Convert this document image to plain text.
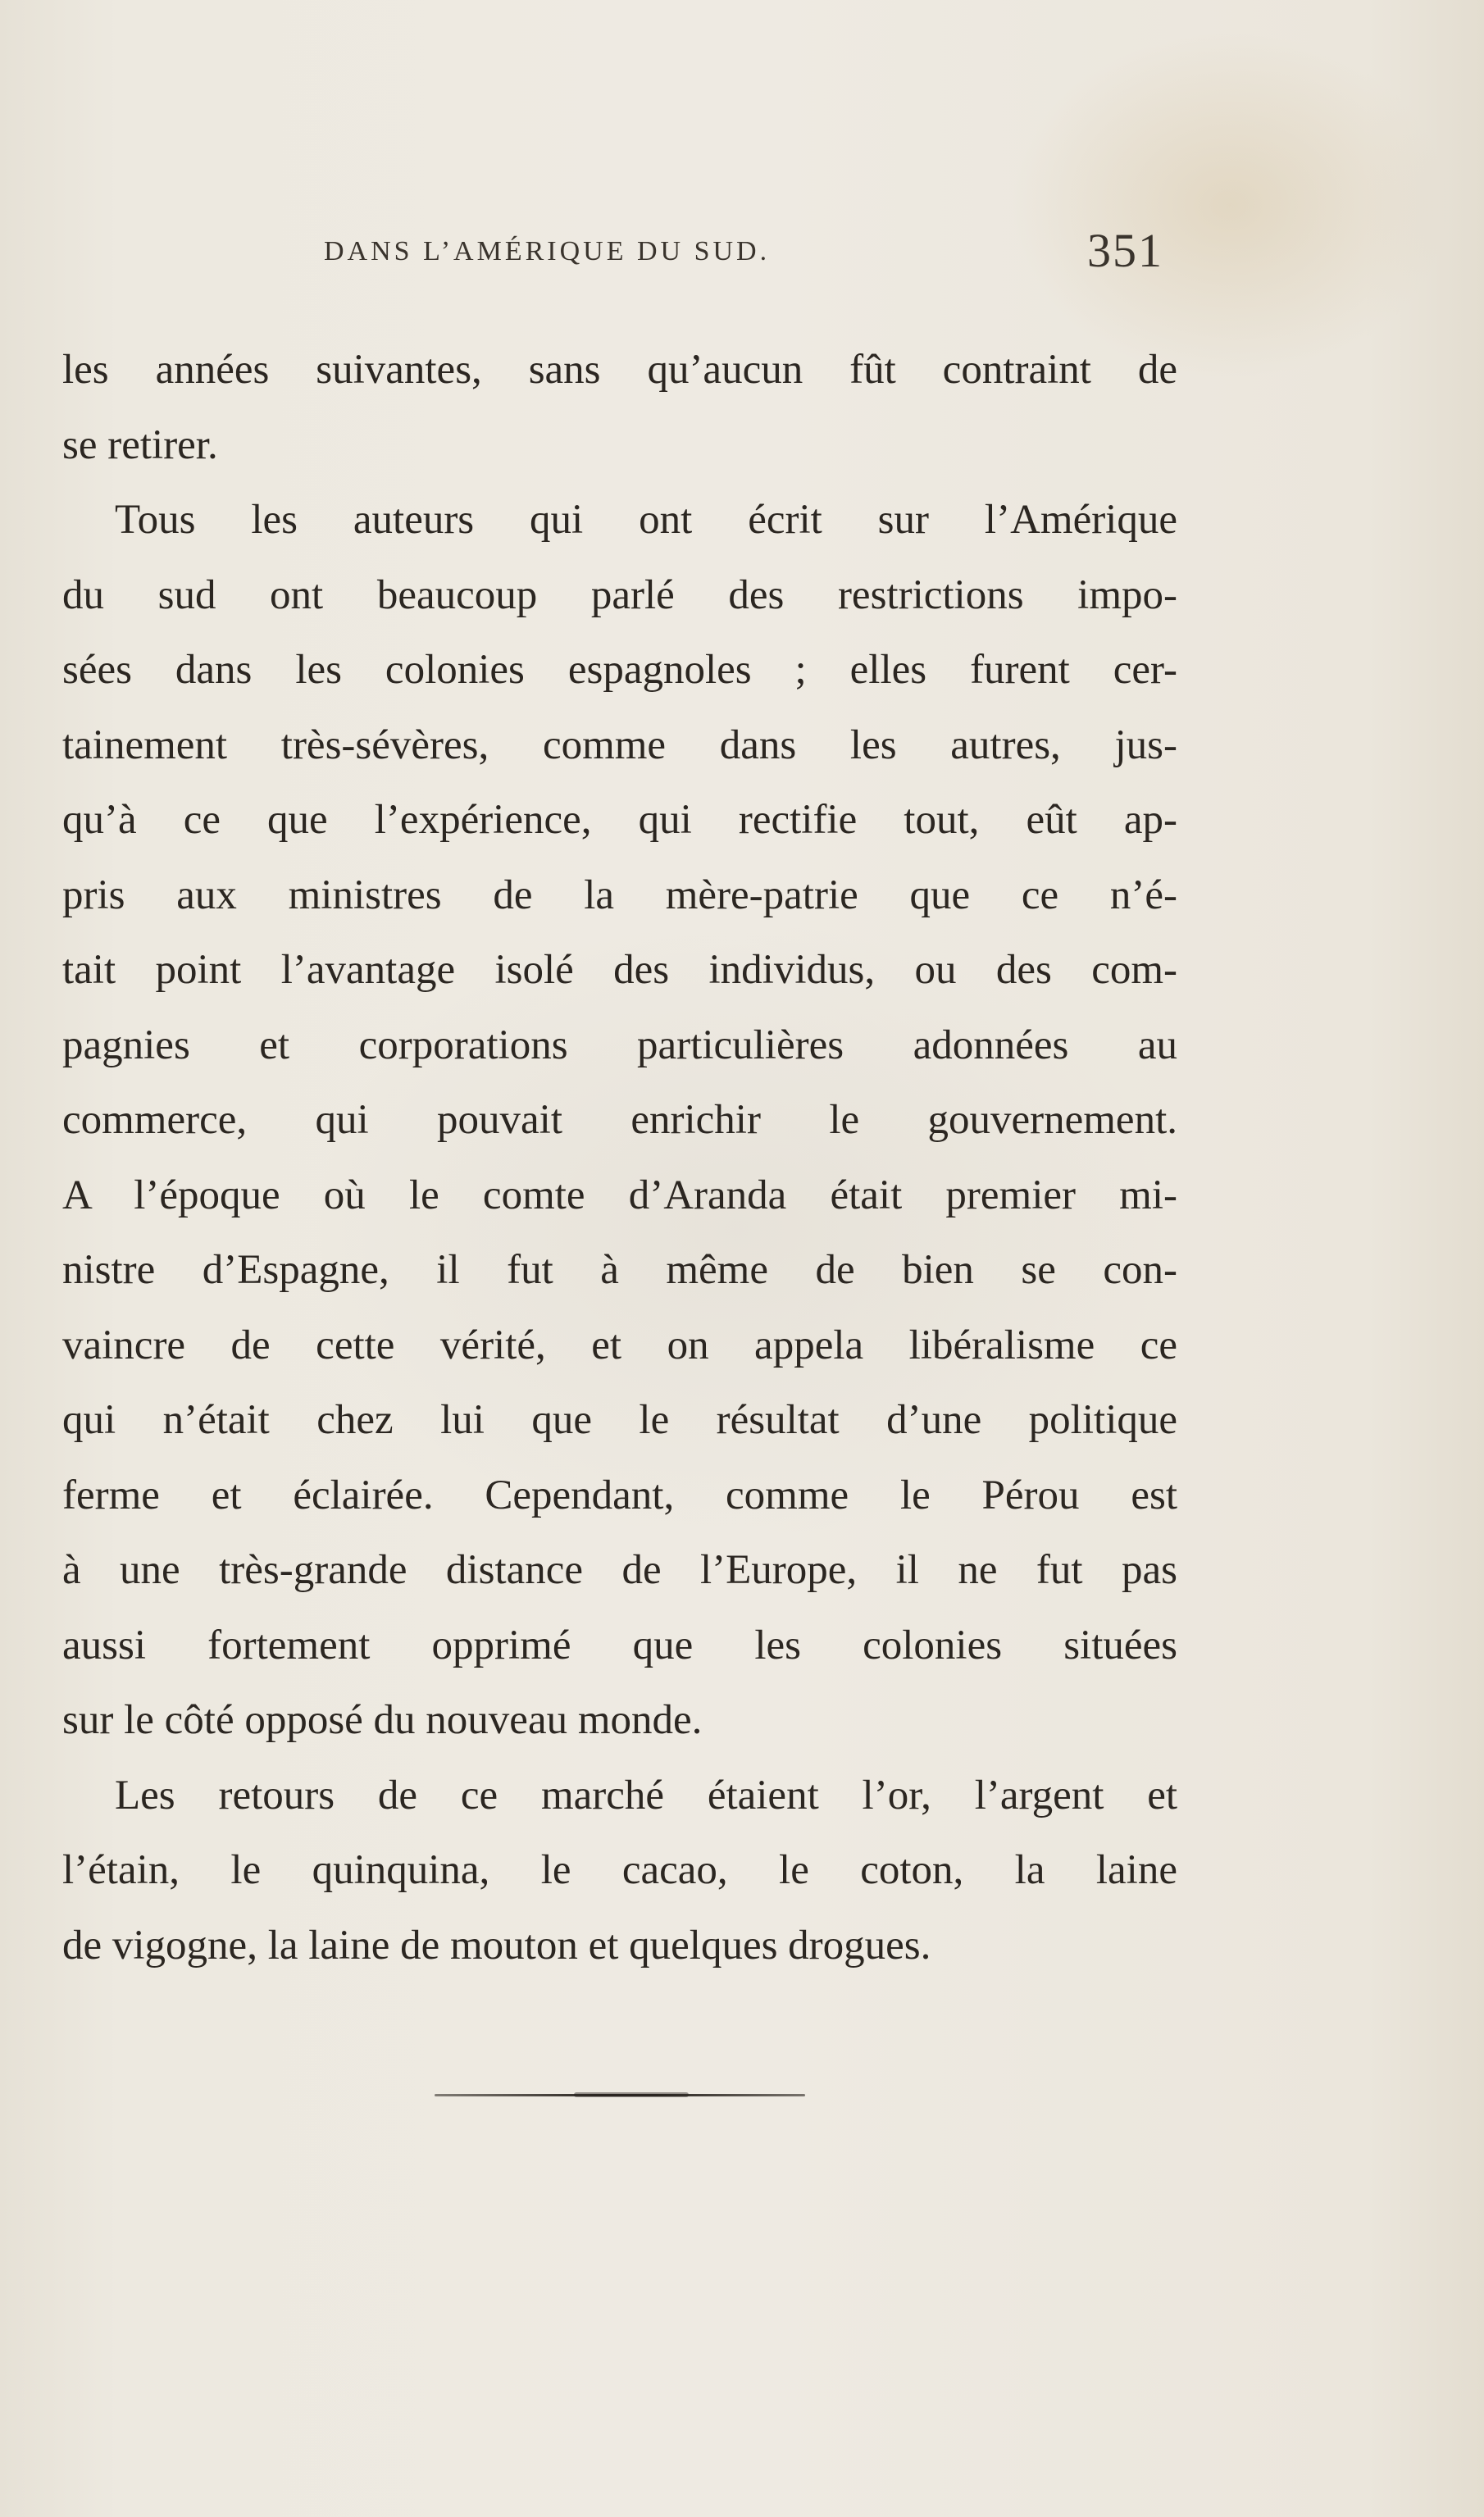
DANS L’AMÉRIQUE DU SUD.	351
les années suivantes, sans qu’aucun fût contraint de
se retirer.
Tous les auteurs qui ont écrit sur l’Amérique
du sud ont beaucoup parlé des restrictions impo-
sées dans les colonies espagnoles ; elles furent cer-
tainement très-sévères, comme dans les autres, jus-
qu’à ce que l’expérience, qui rectifie tout, eût ap-
pris aux ministres de la mère-patrie que ce n’é-
tait point l’avantage isolé des individus, ou des com-
pagnies et corporations particulières adonnées au
commerce, qui pouvait enrichir le gouvernement.
A l’époque où le comte d’Aranda était premier mi-
nistre d’Espagne, il fut à même de bien se con-
vaincre de cette vérité, et on appela libéralisme ce
qui n’était chez lui que le résultat d’une politique
ferme et éclairée. Cependant, comme le Pérou est
à une très-grande distance de l’Europe, il ne fut pas
aussi fortement opprimé que les colonies situées
sur le côté opposé du nouveau monde.
Les retours de ce marché étaient l’or, l’argent et
l’étain, le quinquina, le cacao, le coton, la laine
de vigogne, la laine de mouton et quelques drogues.
